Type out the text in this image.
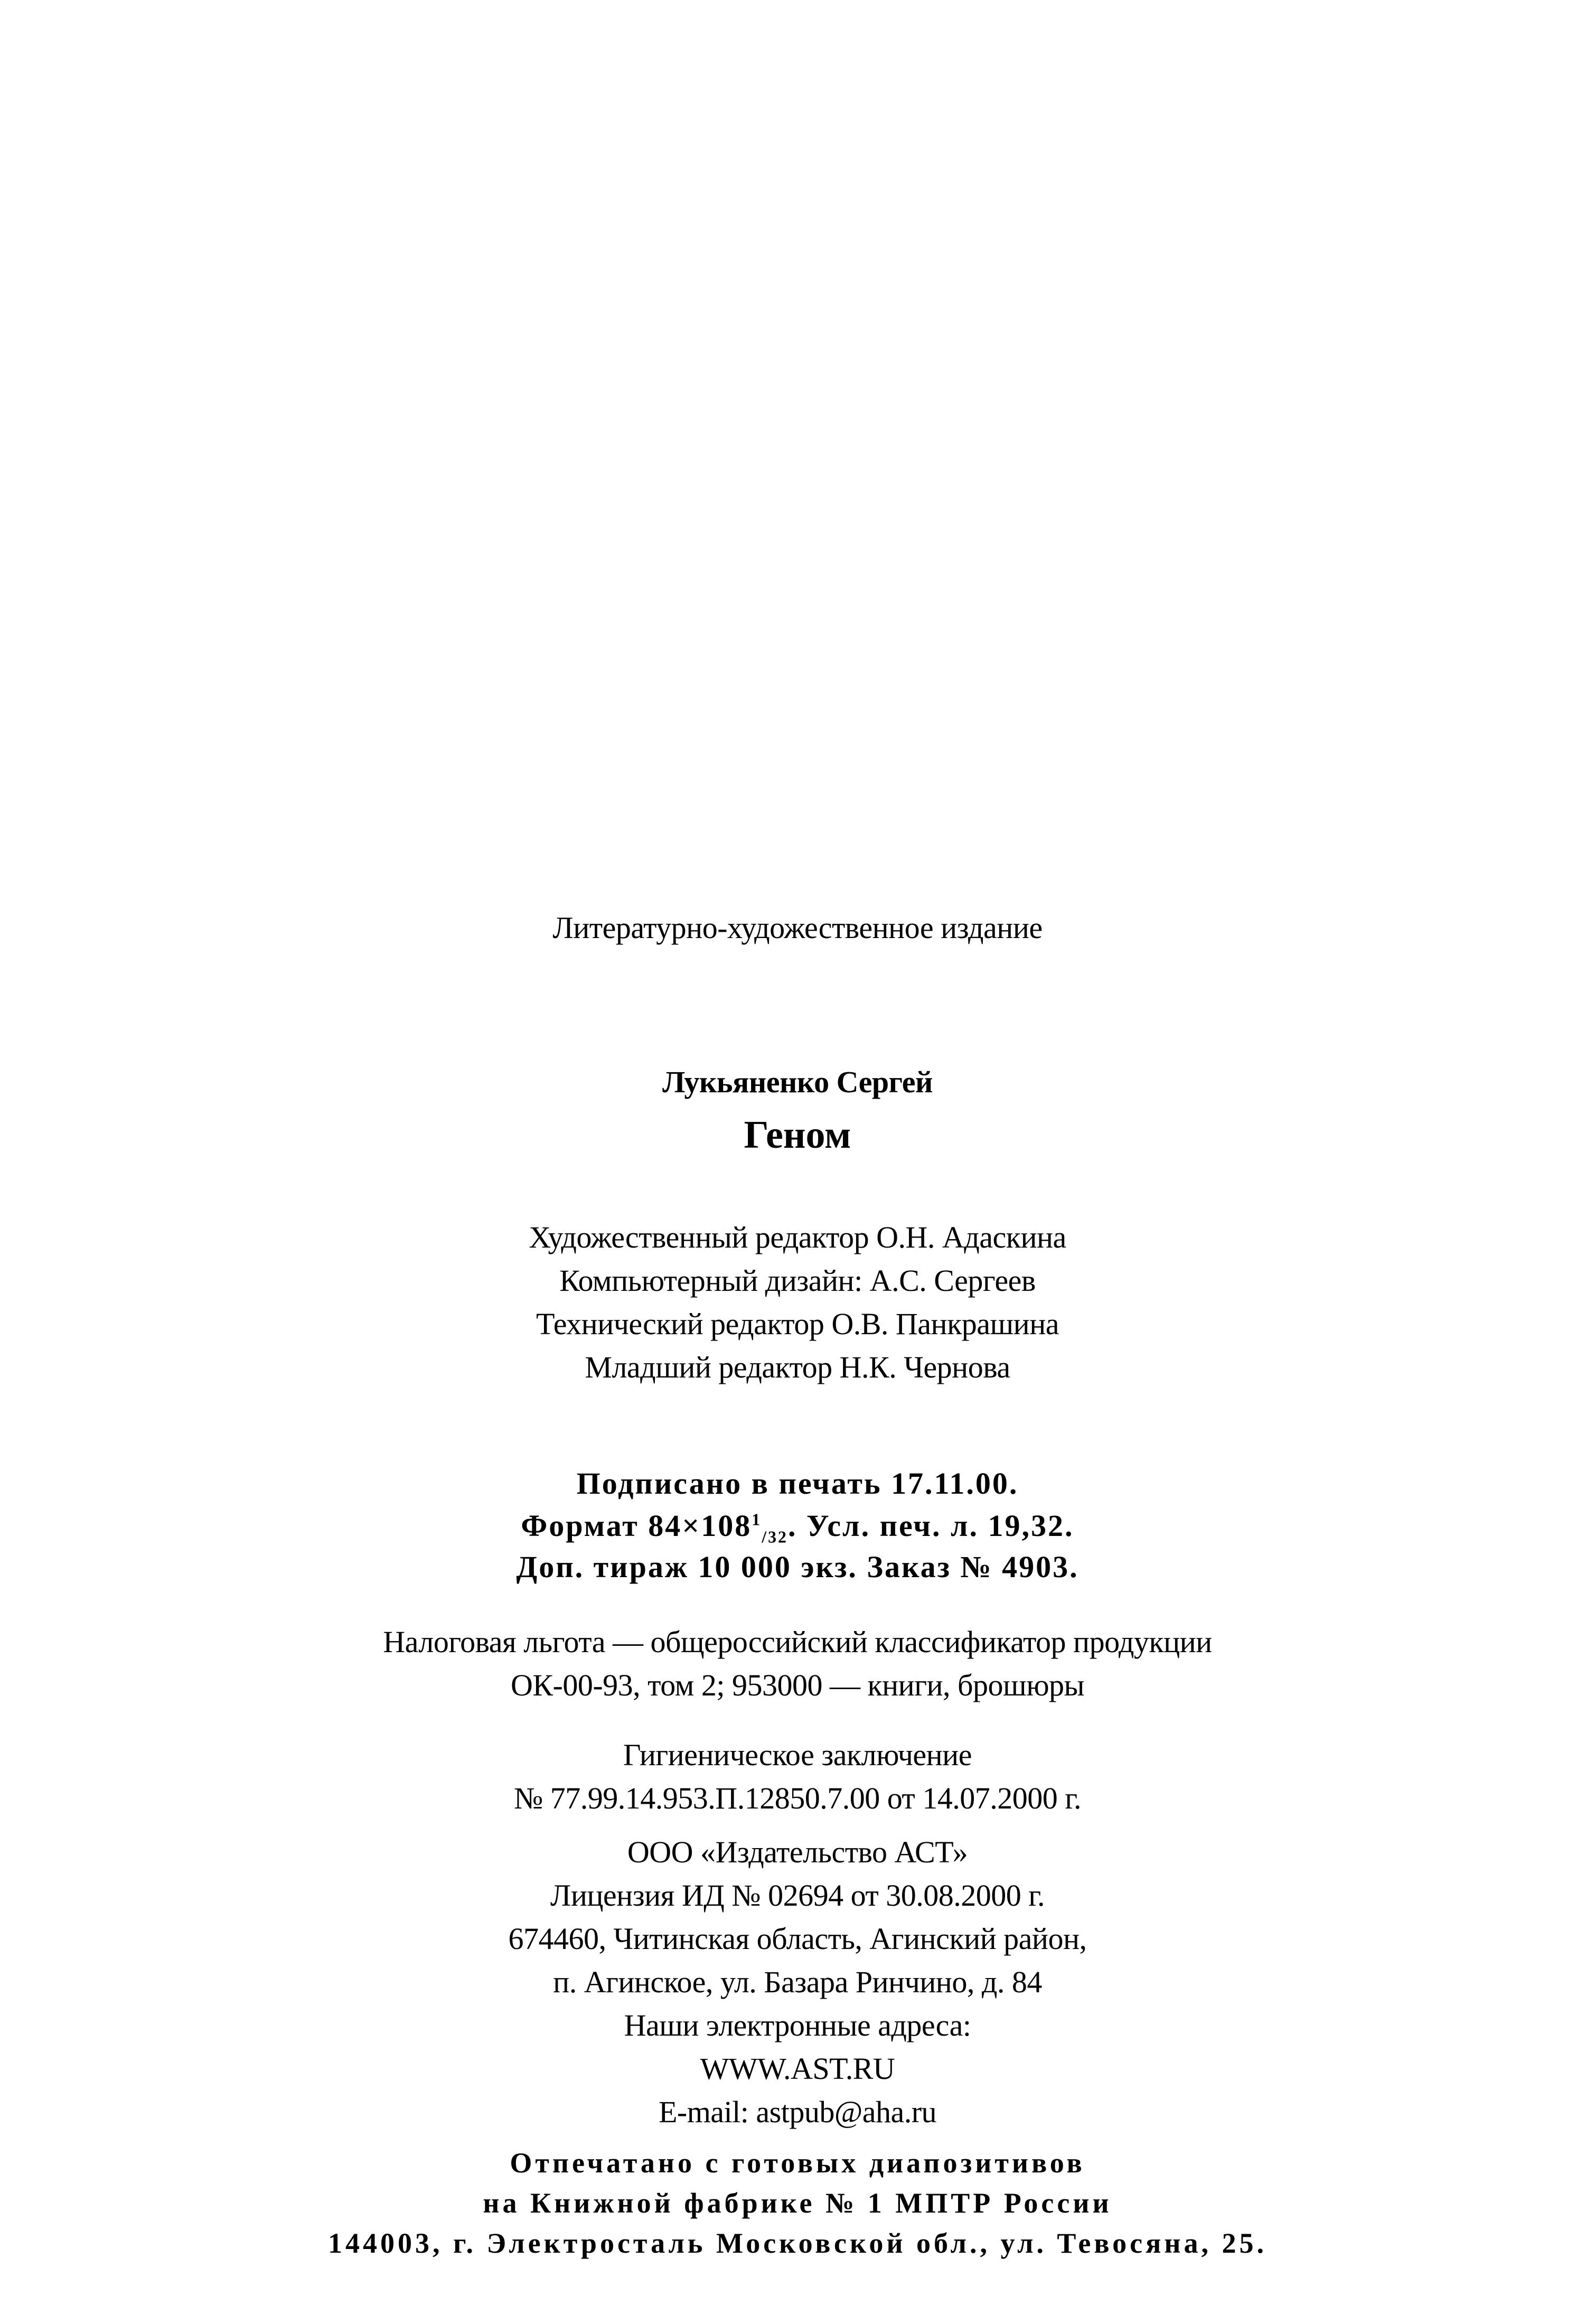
Литературно-художественное издание
Лукьяненко Сергей
Геном
Художественный редактор О.Н. Адаскина
Компьютерный дизайн: А.С. Сергеев
Технический редактор О.В. Панкрашина
Младший редактор Н.К. Чернова
Подписано в печать 17.11.00.
Формат $84\times 108^1_{/32}$. Усл. печ. л. 19,32.
Доп. тираж 10 000 экз. Заказ № 4903.
Налоговая льгота — общероссийский классификатор продукции
ОК-00-93, том 2; 953000 — книги, брошюры
Гигиеническое заключение
№ 77.99.14.953.П.12850.7.00 от 14.07.2000 г.
ООО «Издательство АСТ»
Лицензия ИД № 02694 от 30.08.2000 г.
674460, Читинская область, Агинский район,
п. Агинское, ул. Базара Ринчино, д. 84
Наши электронные адреса:
WWW.AST.RU
E-mail: astpub@aha.ru
Отпечатано с готовых диапозитивов
на Книжной фабрике № 1 МПТР России
144003, г. Электросталь Московской обл., ул. Тевосяна, 25.
